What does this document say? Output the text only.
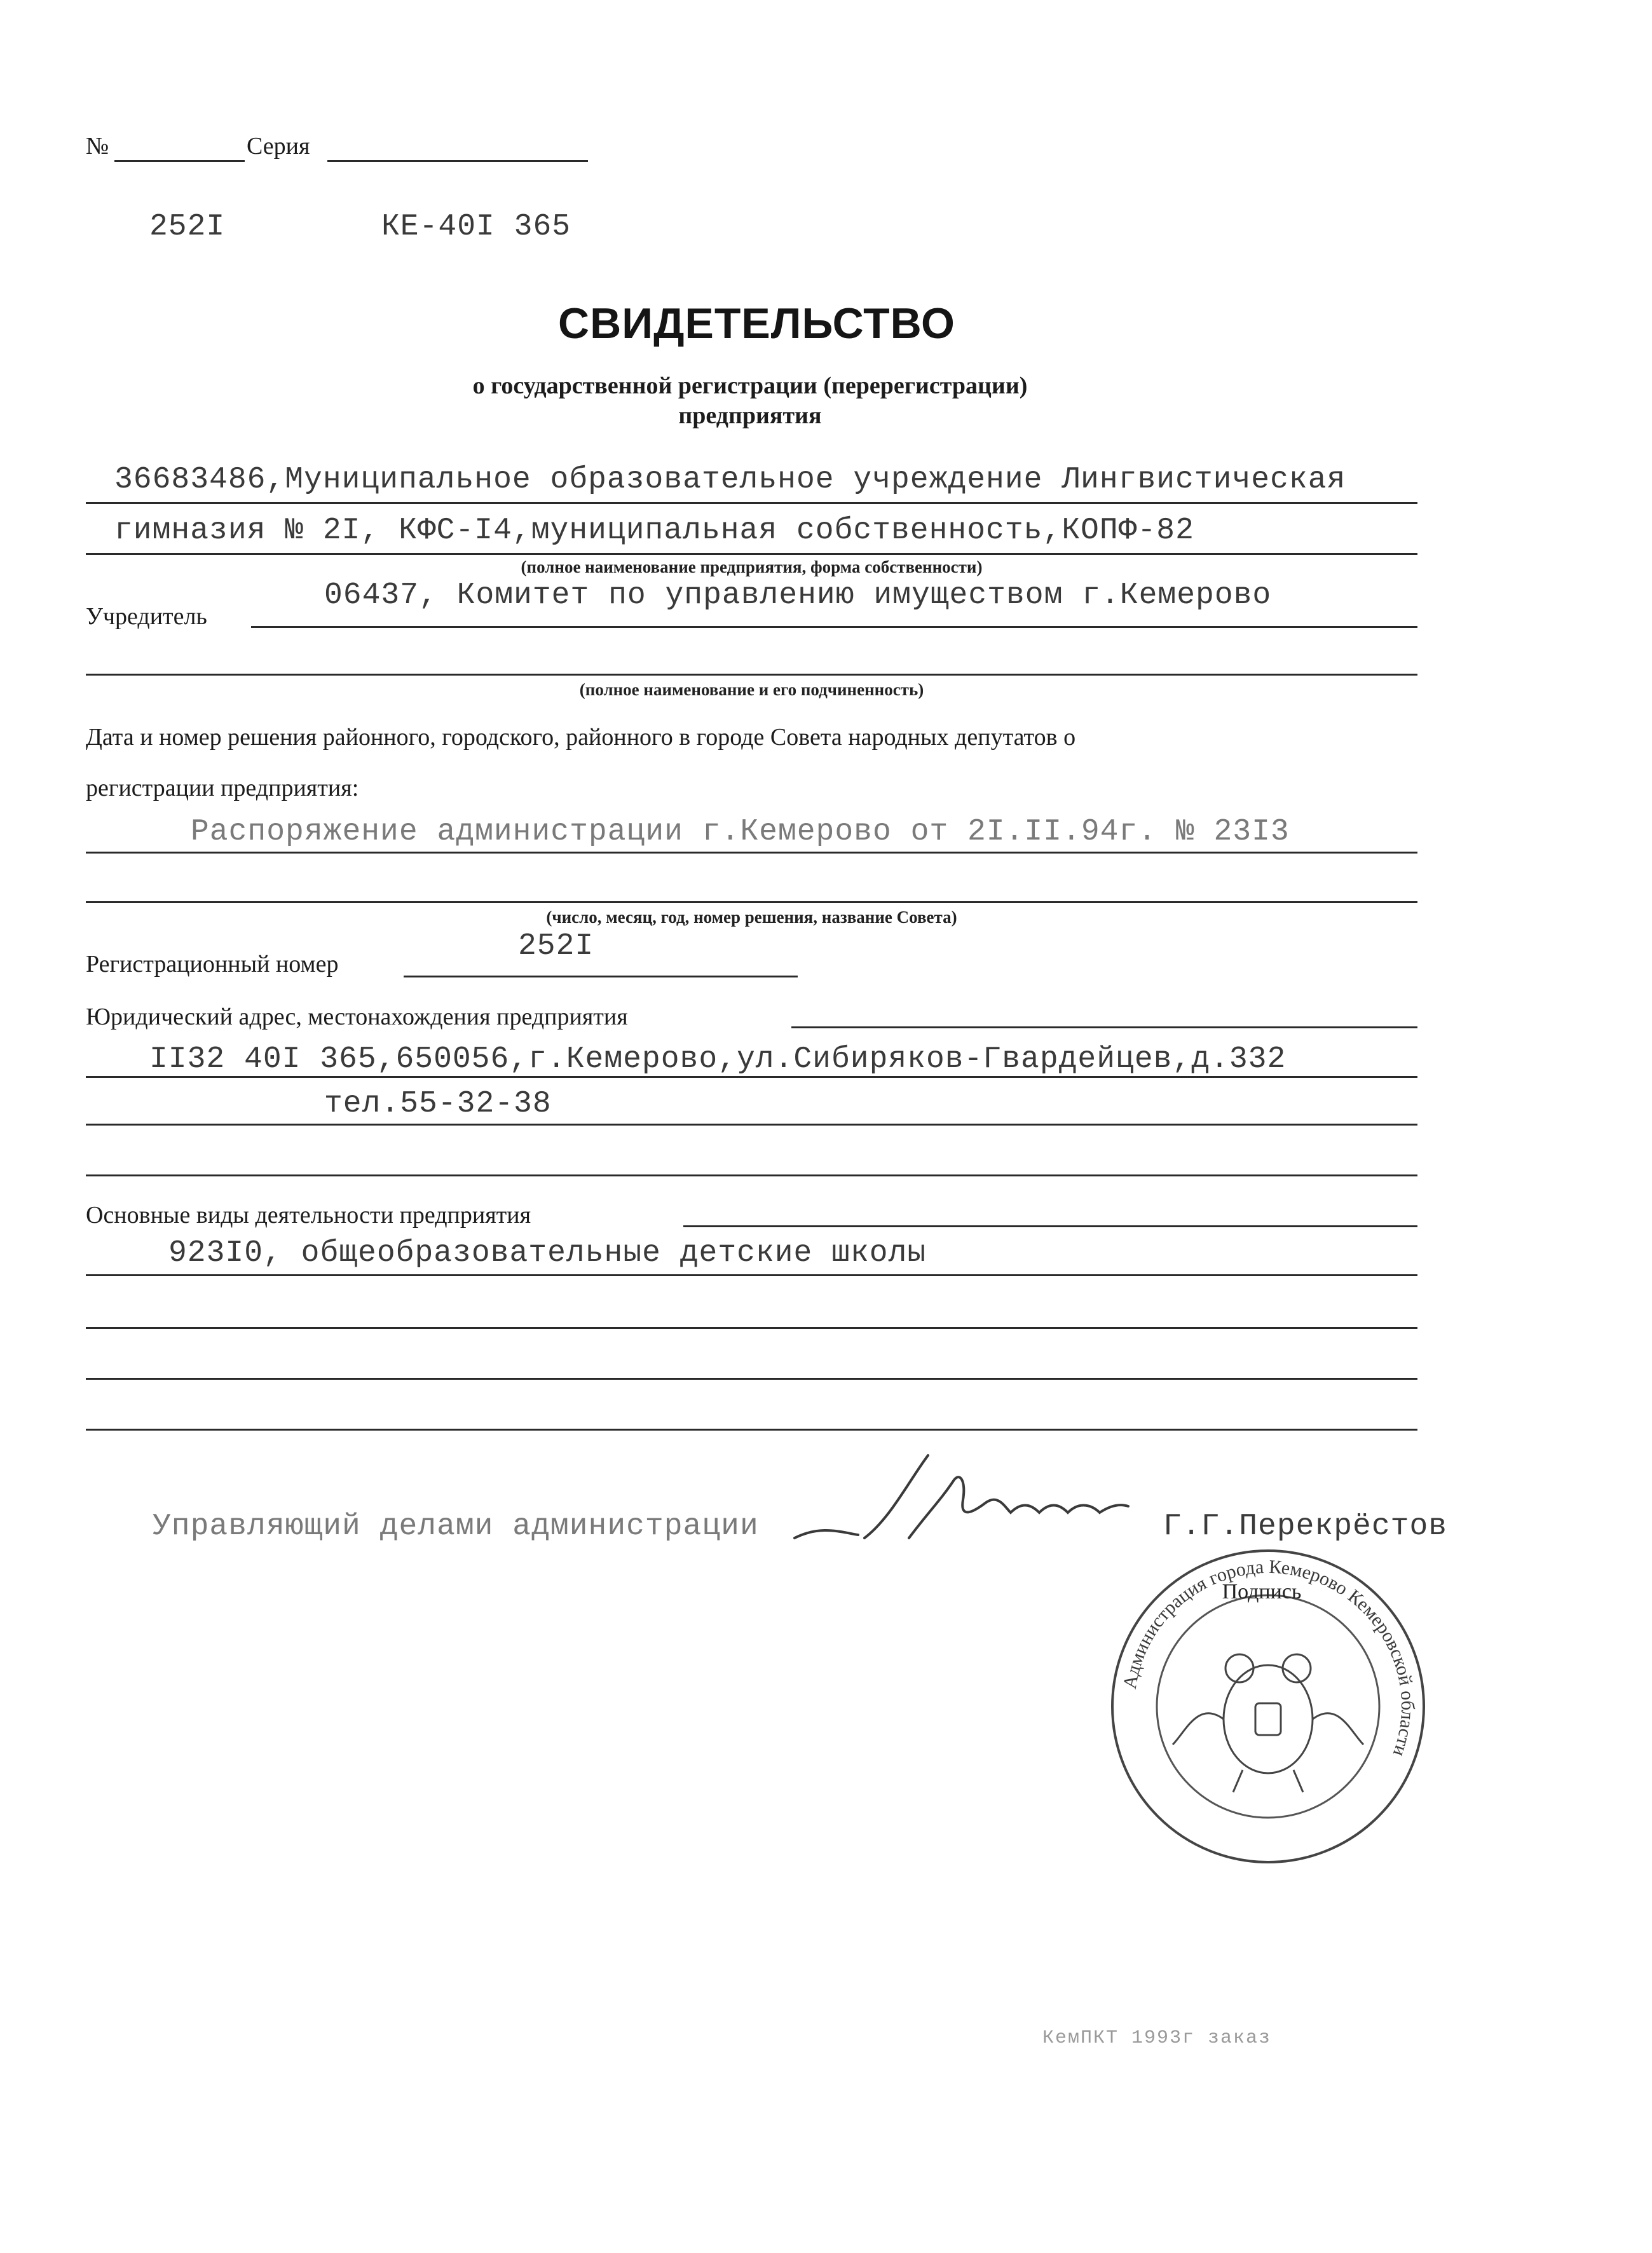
№	Серия
252I	КЕ-40I 365
СВИДЕТЕЛЬСТВО
о государственной регистрации (перерегистрации)
предприятия
36683486,Муниципальное образовательное учреждение Лингвистическая
гимназия № 2I, КФС-I4,муниципальная собственность,КОПФ-82
(полное наименование предприятия, форма собственности)
Учредитель
06437, Комитет по управлению имуществом г.Кемерово
(полное наименование и его подчиненность)
Дата и номер решения районного, городского, районного в городе Совета народных депутатов о
регистрации предприятия:
Распоряжение администрации г.Кемерово от 2I.II.94г. № 23I3
(число, месяц, год, номер решения, название Совета)
Регистрационный номер
252I
Юридический адрес, местонахождения предприятия
II32 40I 365,650056,г.Кемерово,ул.Сибиряков-Гвардейцев,д.332
тел.55-32-38
Основные виды деятельности предприятия
923I0, общеобразовательные детские школы
Управляющий делами администрации	Г.Г.Перекрёстов
Администрация города Кемерово Кемеровской области
Подпись
КемПКТ 1993г заказ
